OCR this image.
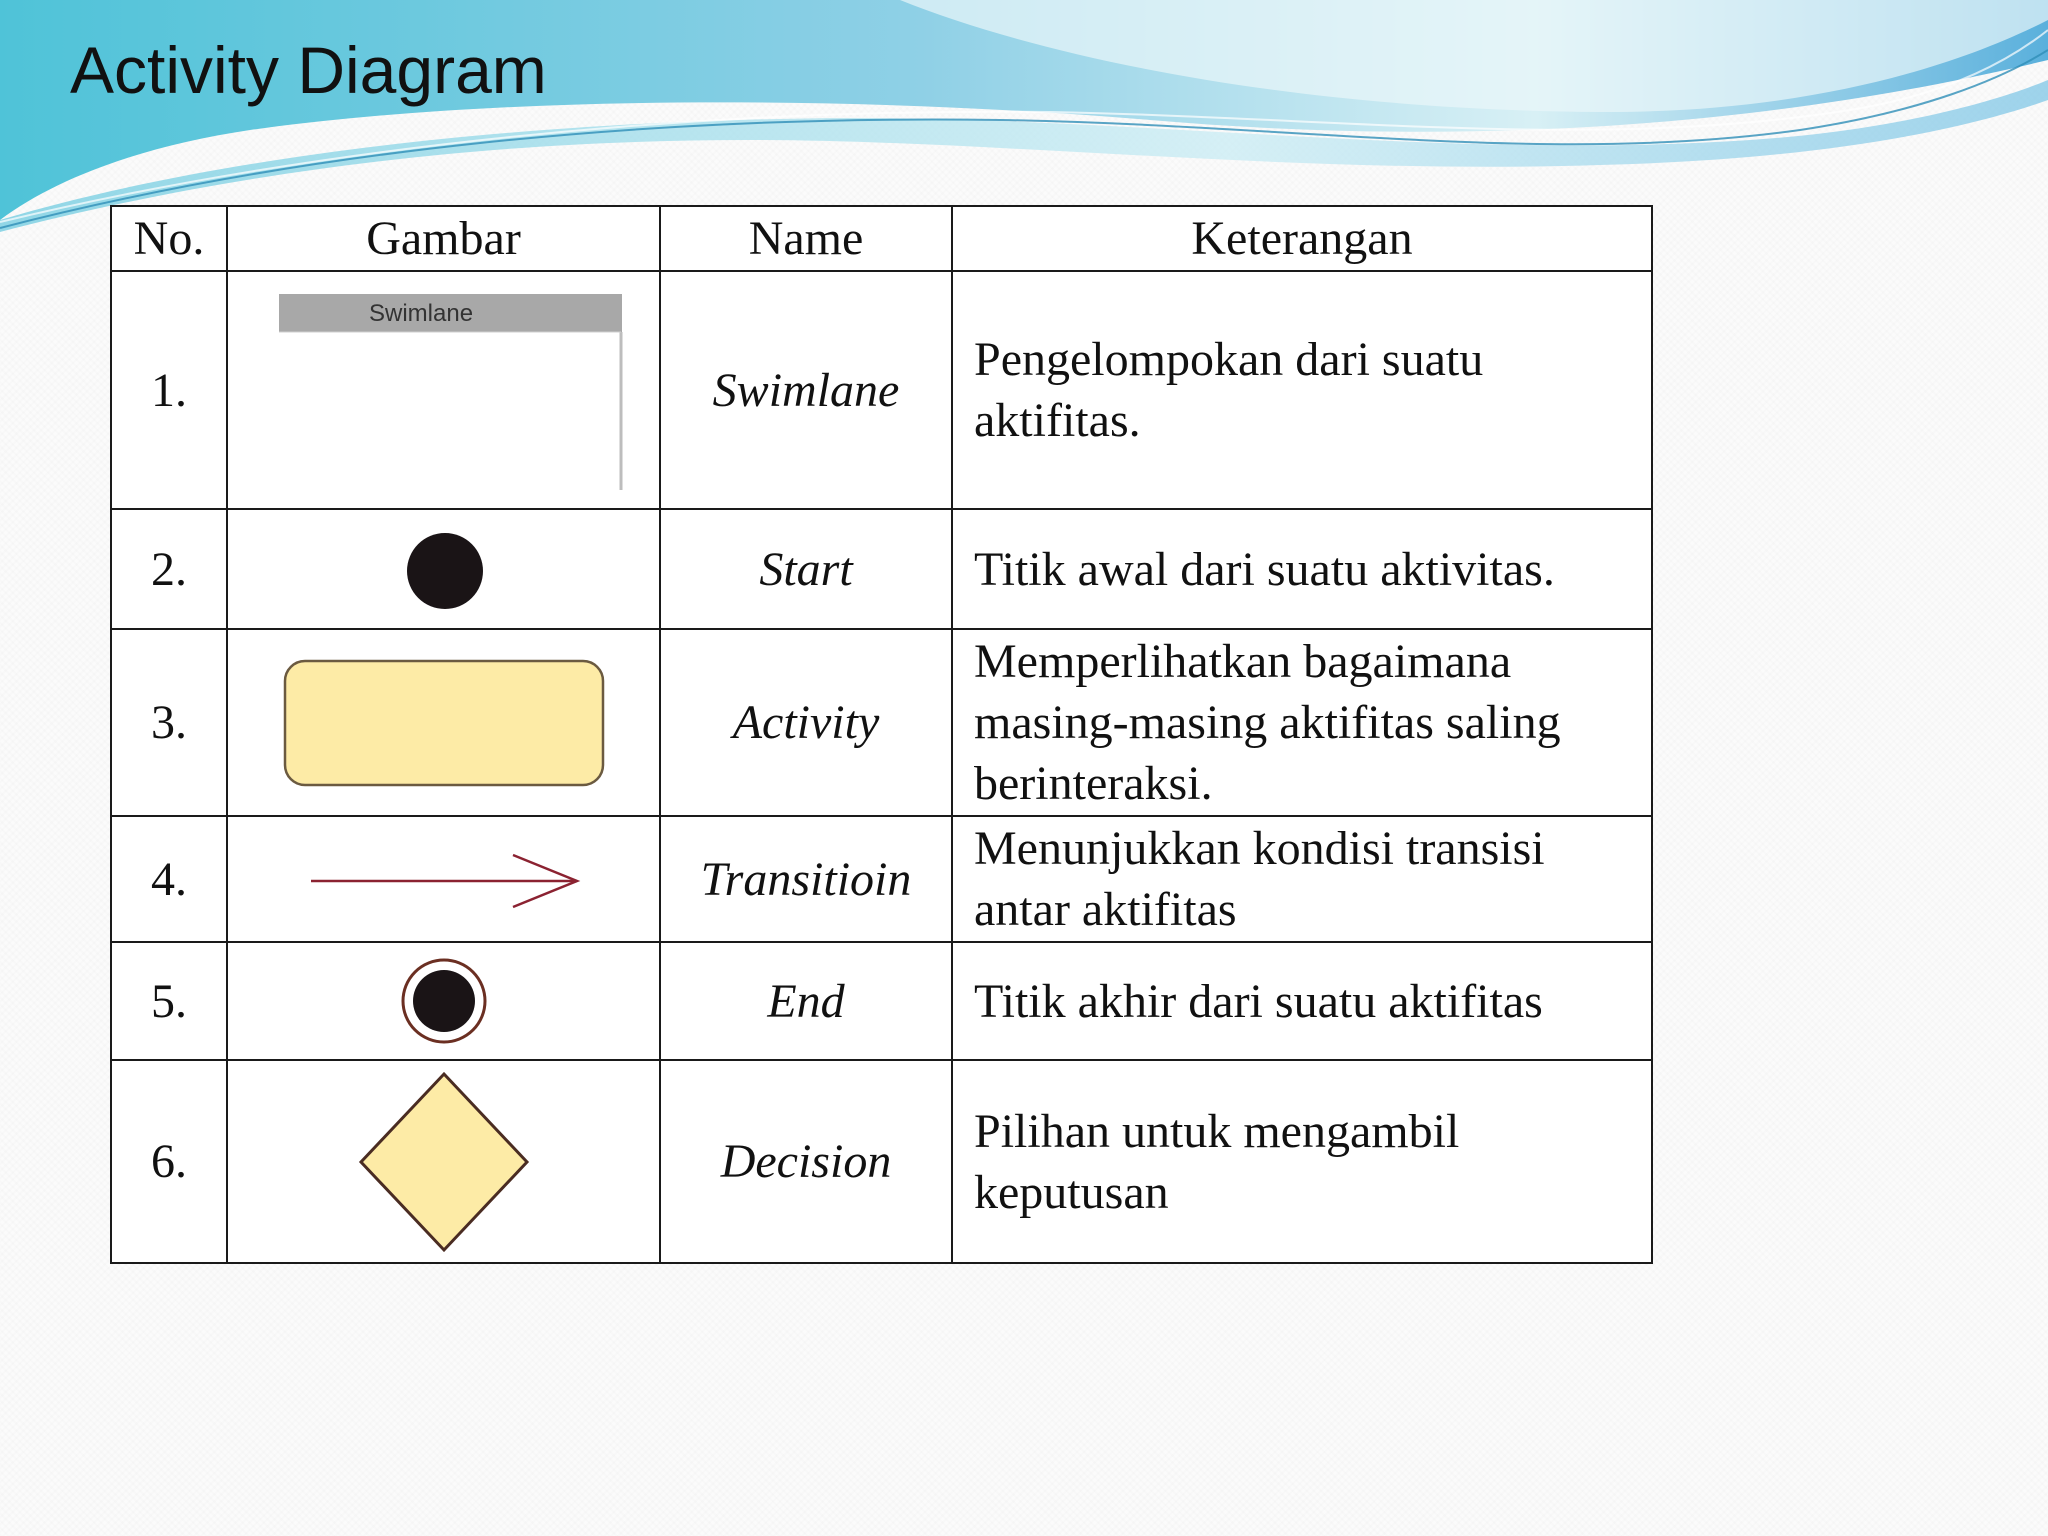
Activity Diagram
No.	Gambar	Name	Keterangan
1.	Swimlane	Swimlane	Pengelompokan dari suatu aktifitas.
2.		Start	Titik awal dari suatu aktivitas.
3.		Activity	Memperlihatkan bagaimana masing-masing aktifitas saling berinteraksi.
4.		Transitioin	Menunjukkan kondisi transisi antar aktifitas
5.		End	Titik akhir dari suatu aktifitas
6.		Decision	Pilihan untuk mengambil keputusan
